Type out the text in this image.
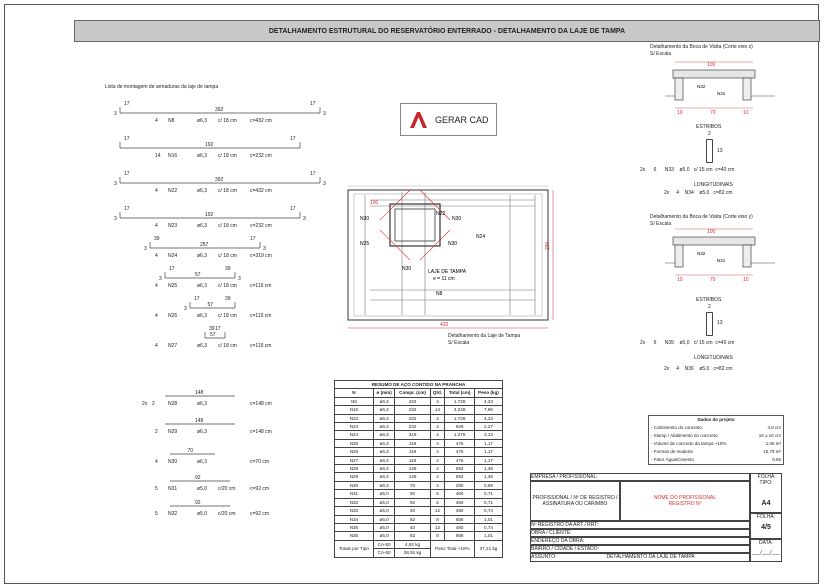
DETALHAMENTO ESTRUTURAL DO RESERVATÓRIO ENTERRADO - DETALHAMENTO DA LAJE DE TAMPA
Lista de montagem de armaduras da laje de tampa
392
17	17
3	3
4 N8	ø6,3 c/ 18 cm	c=432 cm
192
17	17
14 N16	ø6,3 c/ 18 cm	c=232 cm
392
17	17
3	3
4 N22	ø6,3 c/ 18 cm	c=432 cm
192
17	17
3	3
4 N23	ø6,3 c/ 18 cm	c=232 cm
257
39	17
3	3
4 N24	ø6,3 c/ 18 cm	c=319 cm
57
17	39
3	3
4 N25	ø6,3 c/ 18 cm	c=119 cm
57
17	39
3
4 N26	ø6,3 c/ 18 cm	c=119 cm
57
39 17
4 N27	ø6,3 c/ 18 cm	c=119 cm
148
2
2x	N28	ø6,3	c=148 cm
148
2 N29	ø6,3	c=148 cm
70
4 N30	ø6,3	c=70 cm
92
5 N31	ø5,0 c/20 cm	c=92 cm
92
5 N32	ø5,0 c/20 cm	c=92 cm
GERAR CAD
100
420
230
N22
N30	N30
N25	N30
N24
N30
N8
LAJE DE TAMPA
e = 11 cm
Detalhamento da Laje de Tampa
S/ Escala
Detalhamento da Boca de Visita (Corte eixo x)
S/ Escala
100
N32
N31
10	70	10
ESTRIBOS
2
13
2x 6 N33 ø5,0 c/ 15 cm c=40 cm
LONGITUDINAIS
2x 4 N34 ø5,0 c=82 cm
Detalhamento da Boca de Visita (Corte eixo y)
S/ Escala
100
N32
N31
10	70	10
ESTRIBOS
2
13
2x 6 N35 ø5,0 c/ 15 cm c=40 cm
LONGITUDINAIS
2x 4 N36 ø5,0 c=82 cm
RESUMO DE AÇO CONTIDO NA PRANCHA					
N	ø (mm)	Compr. (cm)	Qtd.	Total (cm)	Peso (kg)
N8	ø6,3	432	4	1.728	4,23
N16	ø6,3	232	14	3.248	7,96
N22	ø6,3	432	4	1.728	4,23
N23	ø6,3	232	4	928	2,27
N24	ø6,3	319	4	1.276	3,13
N25	ø6,3	119	4	476	1,17
N26	ø6,3	119	4	476	1,17
N27	ø6,3	119	4	476	1,17
N28	ø6,3	148	4	592	1,45
N29	ø6,3	148	4	592	1,45
N30	ø6,3	70	4	280	0,69
N31	ø5,0	92	5	460	0,71
N32	ø5,0	92	5	460	0,71
N33	ø5,0	40	12	480	0,74
N34	ø5,0	82	8	656	1,01
N35	ø5,0	40	12	480	0,74
N36	ø5,0	82	8	656	1,01
Totais por Tipo	CA-50	4,92 kg	Peso Total +10%		37,21 kg
	CA-60	28,91 kg			
Dados do projeto
- Cobrimento do concreto:	4,0 cm
- Slump / Abatimento do concreto	10 ± 10 cm
- Volume de concreto da tampa +10%	1,06 m³
- Formas de madeira	10,79 m²
- Fator Água/Cimento	0,55
EMPRESA / PROFISSIONAL:
PROFISSIONAL / Nº DE REGISTRO / ASSINATURA OU CARIMBO
NOME DO PROFISSIONAL
REGISTRO Nº
Nº REGISTRO DA ART / RRT:
OBRA / CLIENTE:
ENDEREÇO DA OBRA:
BAIRRO / CIDADE / ESTADO:
ASSUNTO:	DETALHAMENTO DA LAJE DE TAMPA
FOLHA TIPO:
A4
FOLHA:
4/5
DATA:
___/___/___
